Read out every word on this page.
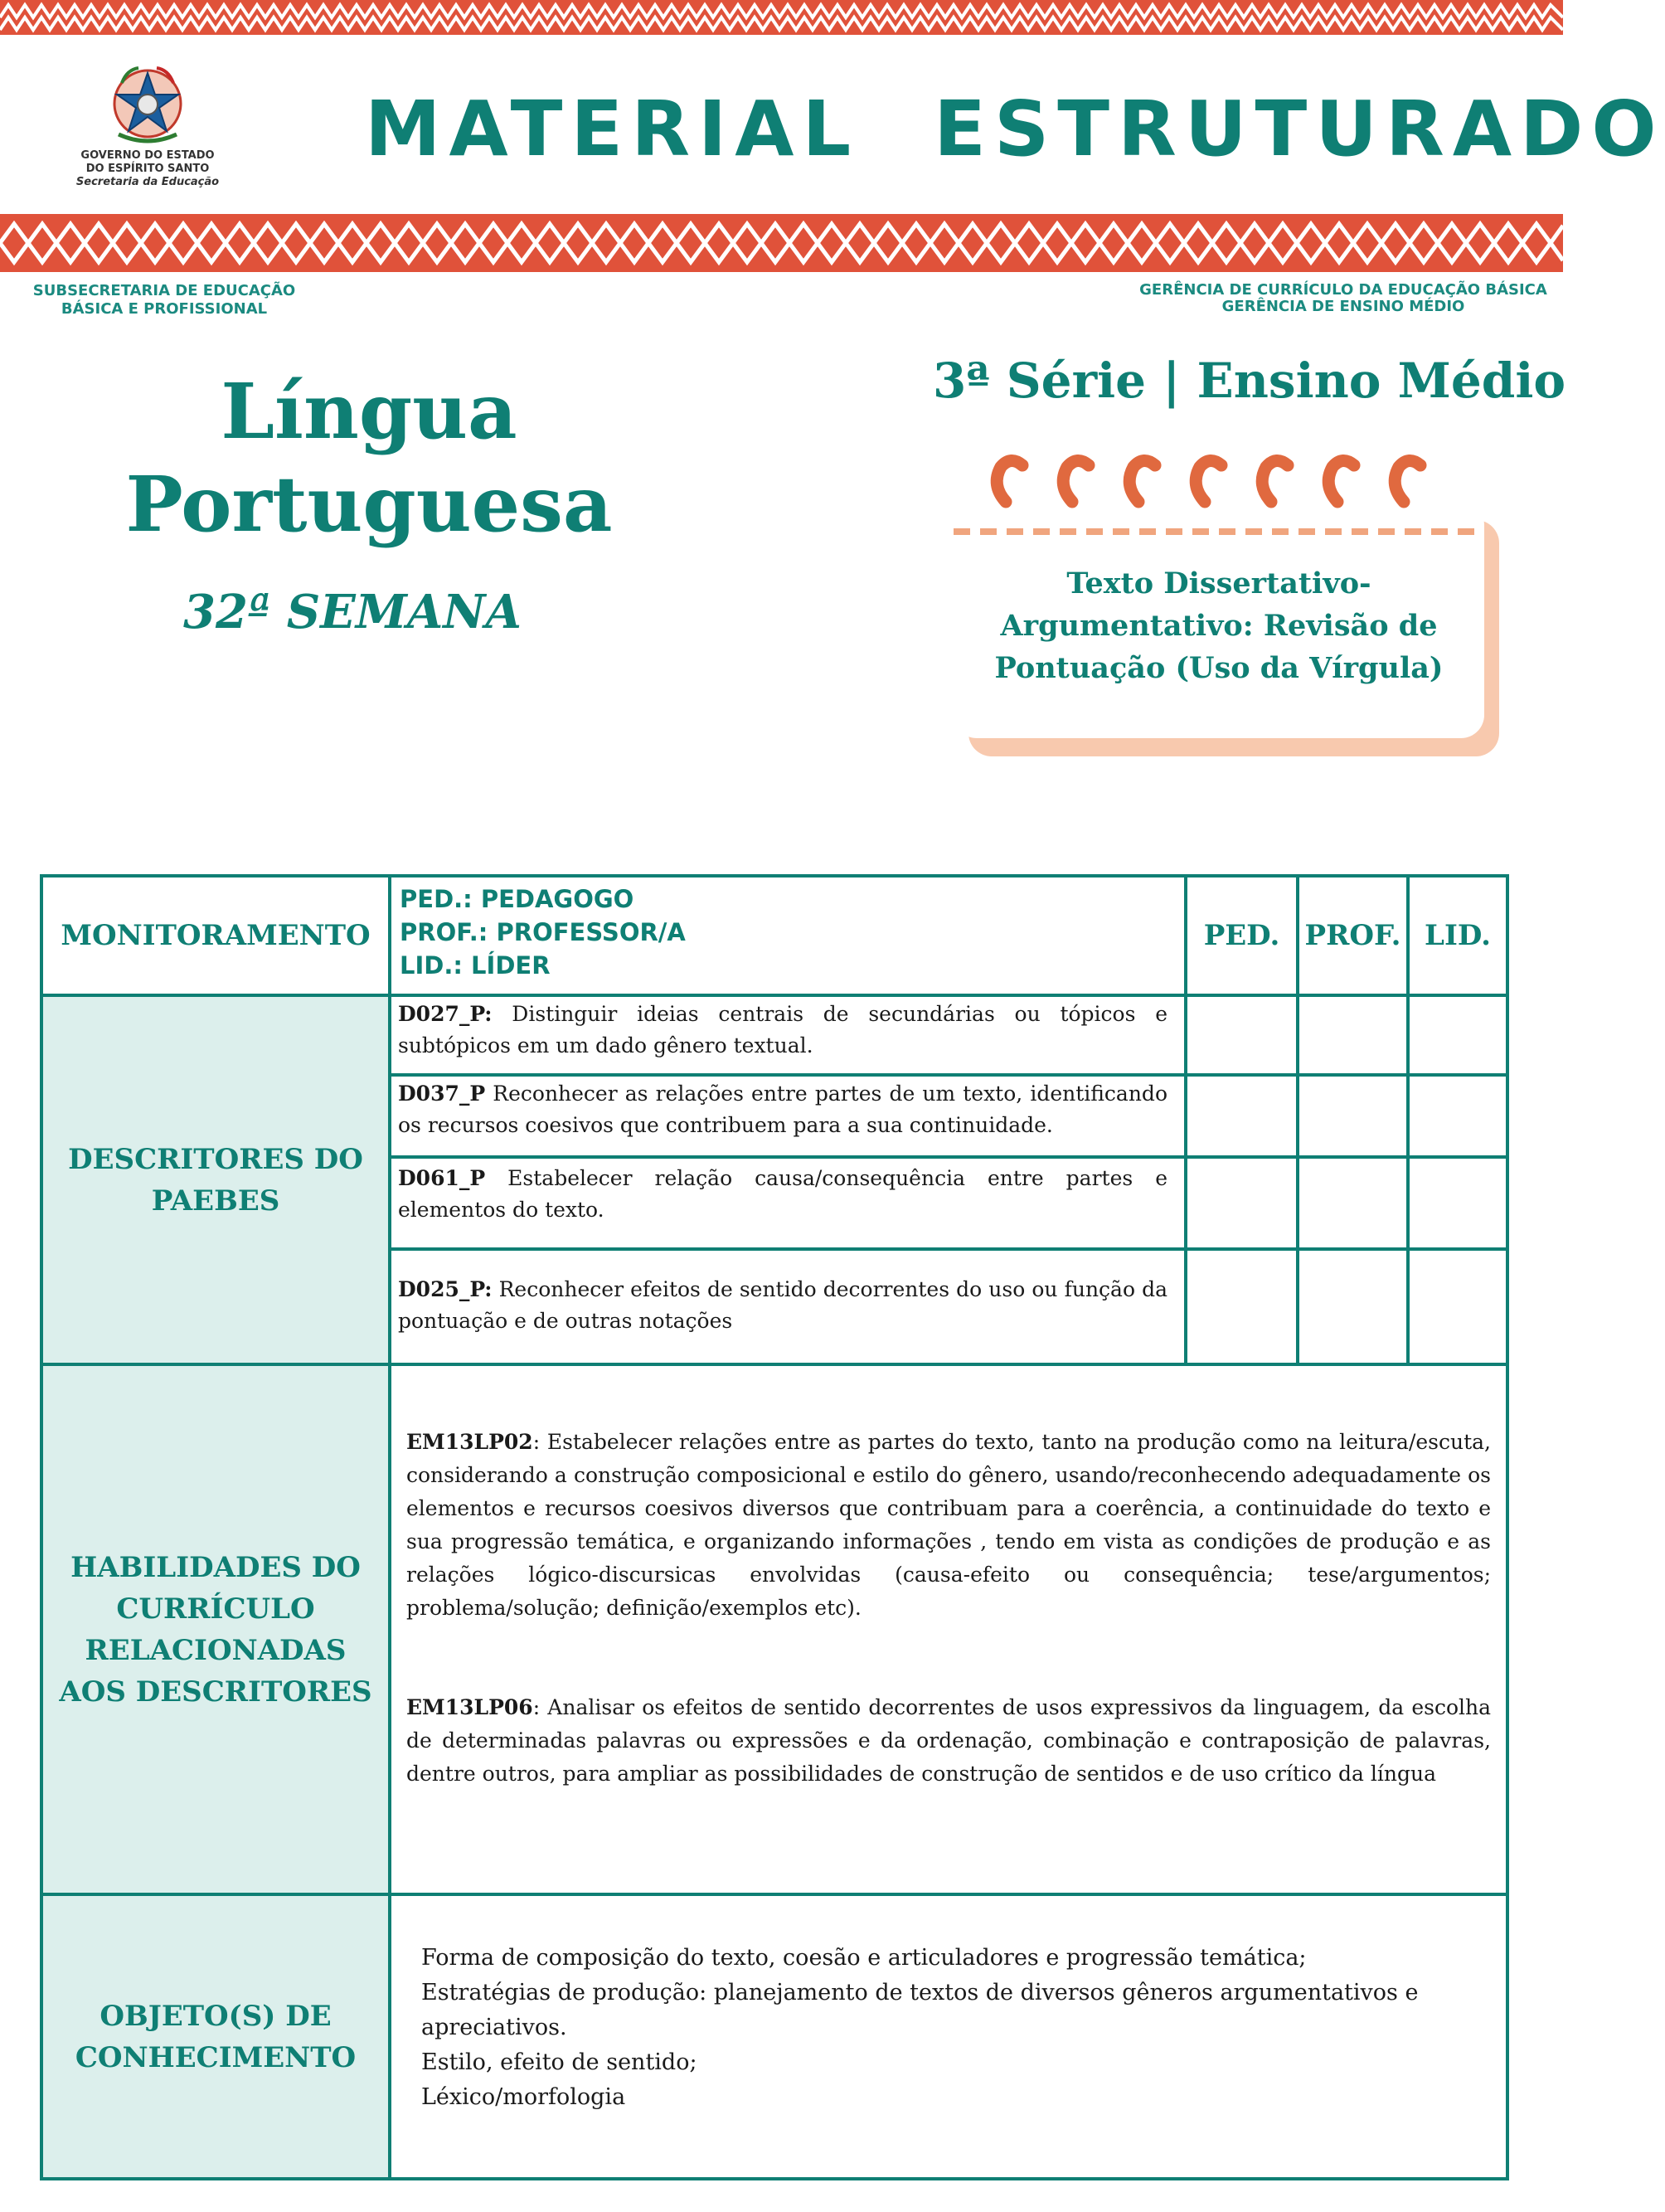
GOVERNO DO ESTADO
DO ESPÍRITO SANTO
Secretaria da Educação
MATERIAL ESTRUTURADO
SUBSECRETARIA DE EDUCAÇÃO
BÁSICA E PROFISSIONAL
GERÊNCIA DE CURRÍCULO DA EDUCAÇÃO BÁSICA
GERÊNCIA DE ENSINO MÉDIO
Língua
Portuguesa
32ª SEMANA
3ª Série | Ensino Médio
Texto Dissertativo-
Argumentativo: Revisão de
Pontuação (Uso da Vírgula)
MONITORAMENTO
PED.: PEDAGOGO
PROF.: PROFESSOR/A
LID.: LÍDER
PED. PROF. LID.
DESCRITORES DO
PAEBES
D027_P: Distinguir ideias centrais de secundárias ou tópicos e subtópicos em um dado gênero textual.
D037_P Reconhecer as relações entre partes de um texto, identificando os recursos coesivos que contribuem para a sua continuidade.
D061_P Estabelecer relação causa/consequência entre partes e elementos do texto.
D025_P: Reconhecer efeitos de sentido decorrentes do uso ou função da pontuação e de outras notações
HABILIDADES DO
CURRÍCULO
RELACIONADAS
AOS DESCRITORES
EM13LP02: Estabelecer relações entre as partes do texto, tanto na produção como na leitura/escuta, considerando a construção composicional e estilo do gênero, usando/reconhecendo adequadamente os elementos e recursos coesivos diversos que contribuam para a coerência, a continuidade do texto e sua progressão temática, e organizando informações , tendo em vista as condições de produção e as relações lógico-discursicas envolvidas (causa-efeito ou consequência; tese/argumentos; problema/solução; definição/exemplos etc).
EM13LP06: Analisar os efeitos de sentido decorrentes de usos expressivos da linguagem, da escolha de determinadas palavras ou expressões e da ordenação, combinação e contraposição de palavras, dentre outros, para ampliar as possibilidades de construção de sentidos e de uso crítico da língua
OBJETO(S) DE
CONHECIMENTO
Forma de composição do texto, coesão e articuladores e progressão temática;
Estratégias de produção: planejamento de textos de diversos gêneros argumentativos e apreciativos.
Estilo, efeito de sentido;
Léxico/morfologia
